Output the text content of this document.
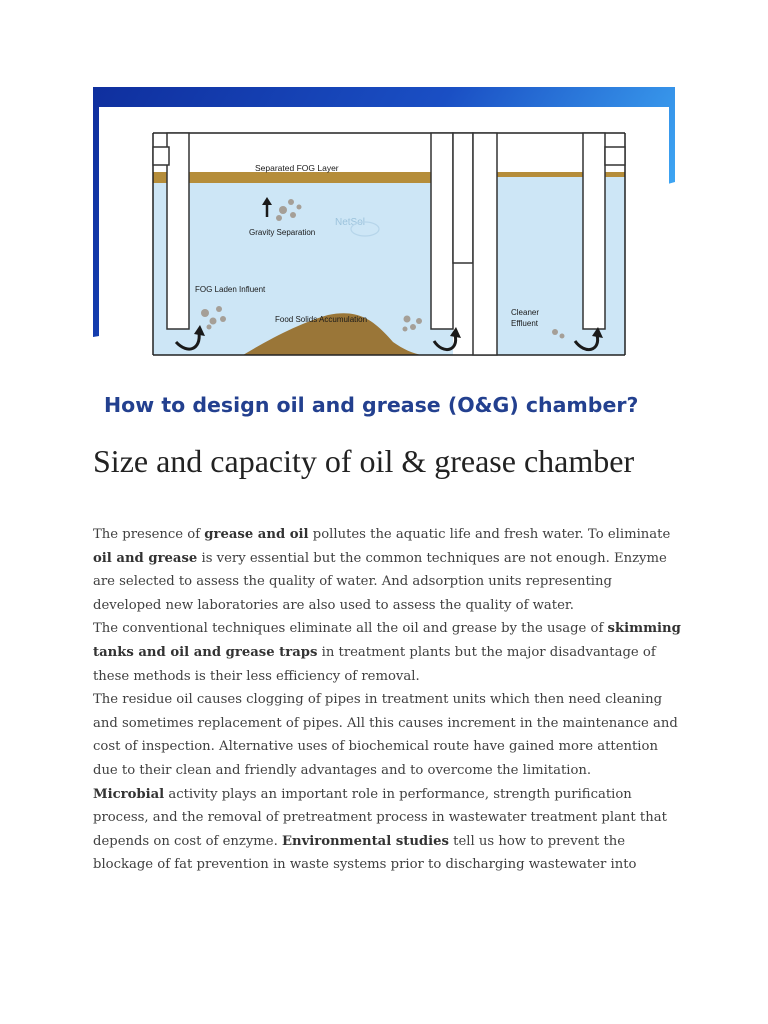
NetSol
Separated FOG Layer
Gravity Separation
FOG Laden Influent
Food Solids Accumulation
Cleaner
Effluent
How to design oil and grease (O&G) chamber?
Size and capacity of oil & grease chamber

The presence of grease and oil pollutes the aquatic life and fresh water. To eliminate oil and grease is very essential but the common techniques are not enough. Enzyme are selected to assess the quality of water. And adsorption units representing developed new laboratories are also used to assess the quality of water.

The conventional techniques eliminate all the oil and grease by the usage of skimming tanks and oil and grease traps in treatment plants but the major disadvantage of these methods is their less efficiency of removal.

The residue oil causes clogging of pipes in treatment units which then need cleaning and sometimes replacement of pipes. All this causes increment in the maintenance and cost of inspection. Alternative uses of biochemical route have gained more attention due to their clean and friendly advantages and to overcome the limitation.

Microbial activity plays an important role in performance, strength purification process, and the removal of pretreatment process in wastewater treatment plant that depends on cost of enzyme. Environmental studies tell us how to prevent the blockage of fat prevention in waste systems prior to discharging wastewater into
